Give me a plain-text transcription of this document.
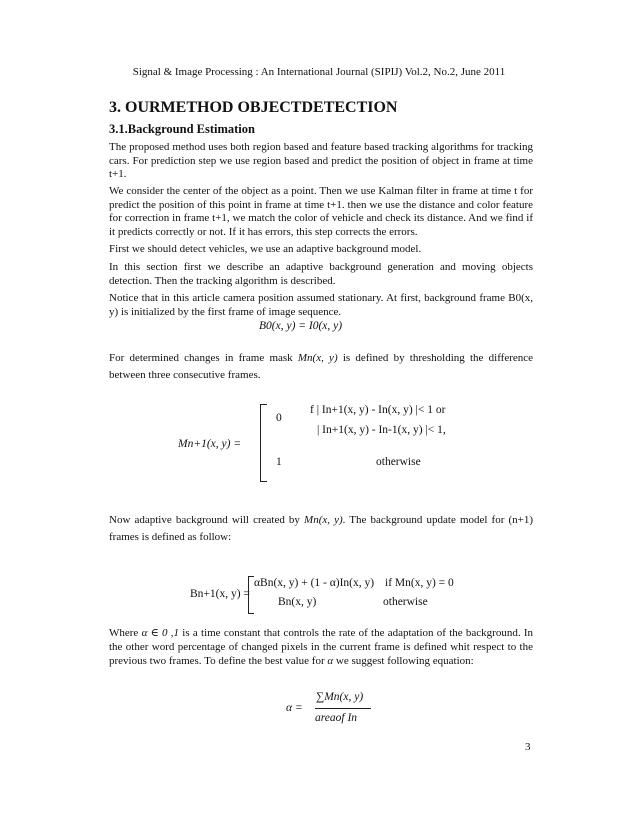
Signal & Image Processing : An International Journal (SIPIJ) Vol.2, No.2, June 2011
3. OURMETHOD OBJECTDETECTION
3.1.Background Estimation

The proposed method uses both region based and feature based tracking algorithms for tracking cars. For prediction step we use region based and predict the position of object in frame at time t+1.

We consider the center of the object as a point. Then we use Kalman filter in frame at time t for predict the position of this point in frame at time t+1. then we use the distance and color feature for correction in frame t+1, we match the color of vehicle and check its distance. And we find if it predicts correctly or not. If it has errors, this step corrects the errors.

First we should detect vehicles, we use an adaptive background model.

In this section first we describe an adaptive background generation and moving objects detection. Then the tracking algorithm is described.

Notice that in this article camera position assumed stationary. At first, background frame B0(x, y) is initialized by the first frame of image sequence.

B0(x, y) = I0(x, y)
For determined changes in frame mask Mn(x, y) is defined by thresholding the difference between three consecutive frames.
Mn+1(x, y) =
0
f | In+1(x, y) - In(x, y) |< 1 or
| In+1(x, y) - In-1(x, y) |< 1,
1	otherwise
Now adaptive background will created by Mn(x, y). The background update model for (n+1) frames is defined as follow:
Bn+1(x, y) =
αBn(x, y) + (1 - α)In(x, y) if Mn(x, y) = 0
Bn(x, y)	otherwise
Where α ∈ 0 ,1 is a time constant that controls the rate of the adaptation of the background. In the other word percentage of changed pixels in the current frame is defined whit respect to the previous two frames. To define the best value for α we suggest following equation:
α =
∑Mn(x, y)
areaof In
3
